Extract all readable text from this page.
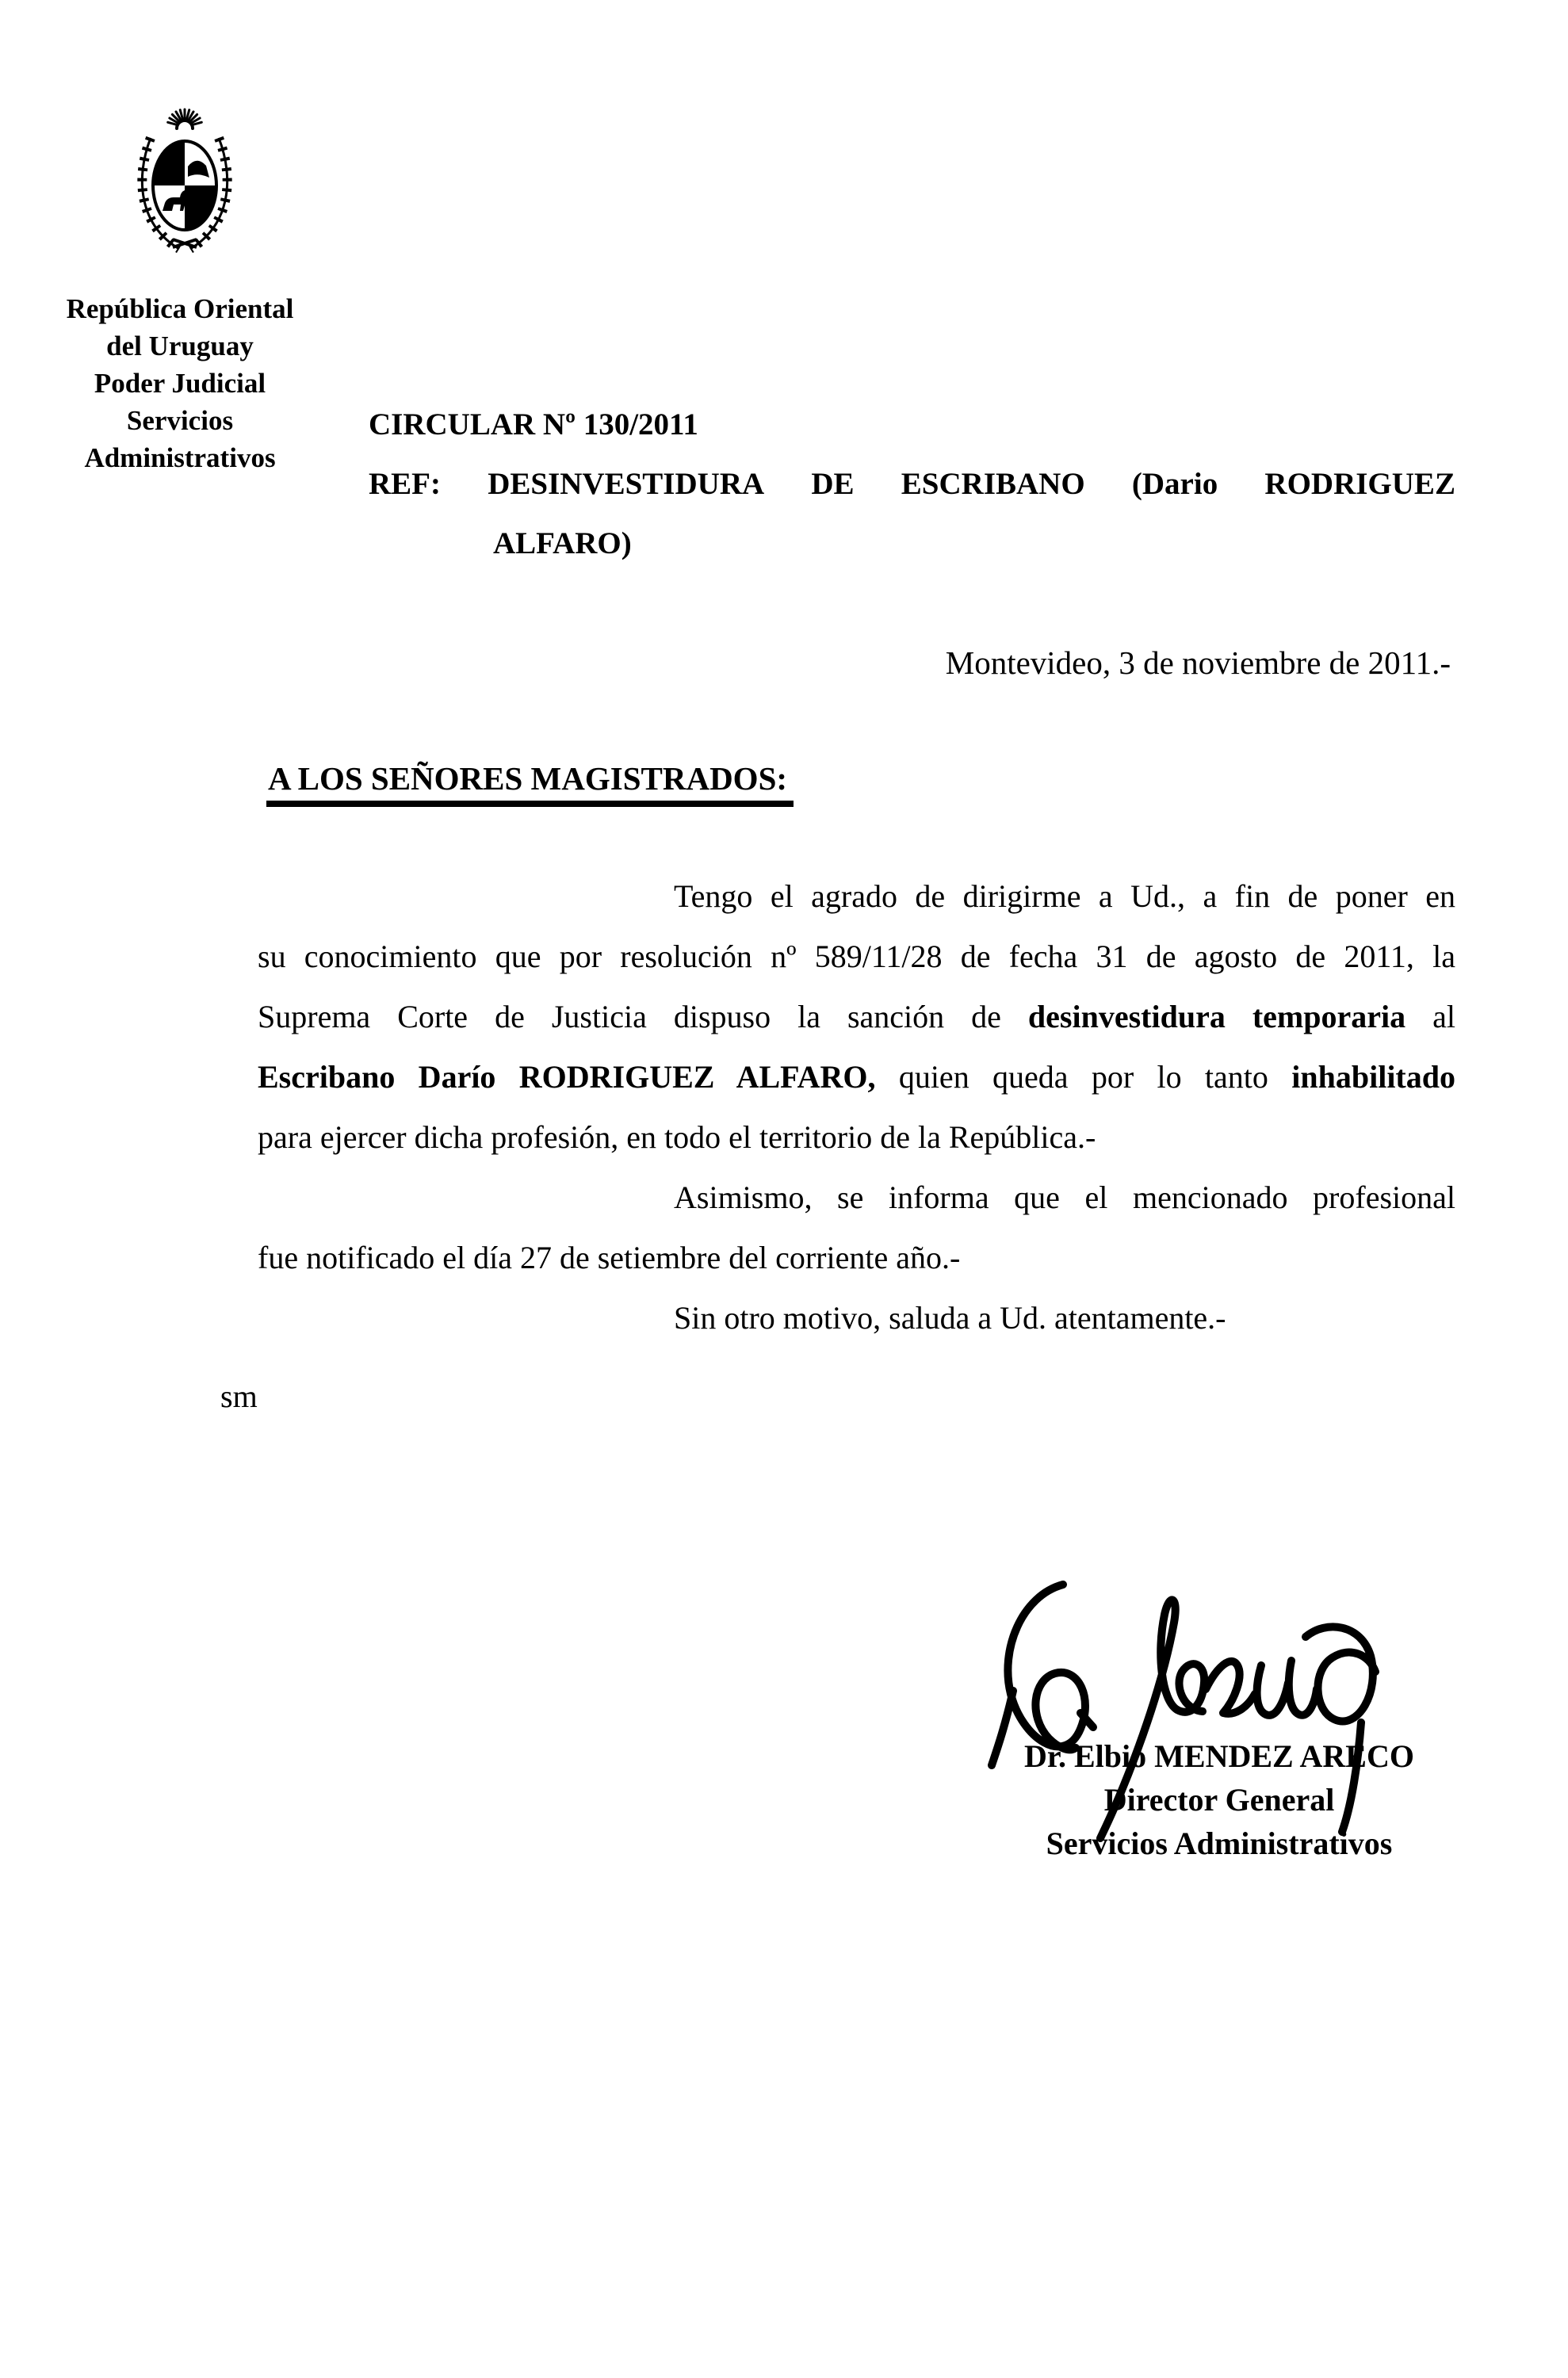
República Oriental
del Uruguay
Poder Judicial
Servicios
Administrativos
CIRCULAR Nº 130/2011
REF: DESINVESTIDURA DE ESCRIBANO (Dario RODRIGUEZ
ALFARO)
Montevideo, 3 de noviembre de 2011.-
A LOS SEÑORES MAGISTRADOS:
Tengo el agrado de dirigirme a Ud., a fin de poner en
su conocimiento que por resolución nº 589/11/28 de fecha 31 de agosto de 2011, la
Suprema Corte de Justicia dispuso la sanción de desinvestidura temporaria al
Escribano Darío RODRIGUEZ ALFARO, quien queda por lo tanto inhabilitado
para ejercer dicha profesión, en todo el territorio de la República.-
Asimismo, se informa que el mencionado profesional
fue notificado el día 27 de setiembre del corriente año.-
Sin otro motivo, saluda a Ud. atentamente.-
sm
Dr. Elbio MENDEZ ARECO
Director General
Servicios Administrativos
